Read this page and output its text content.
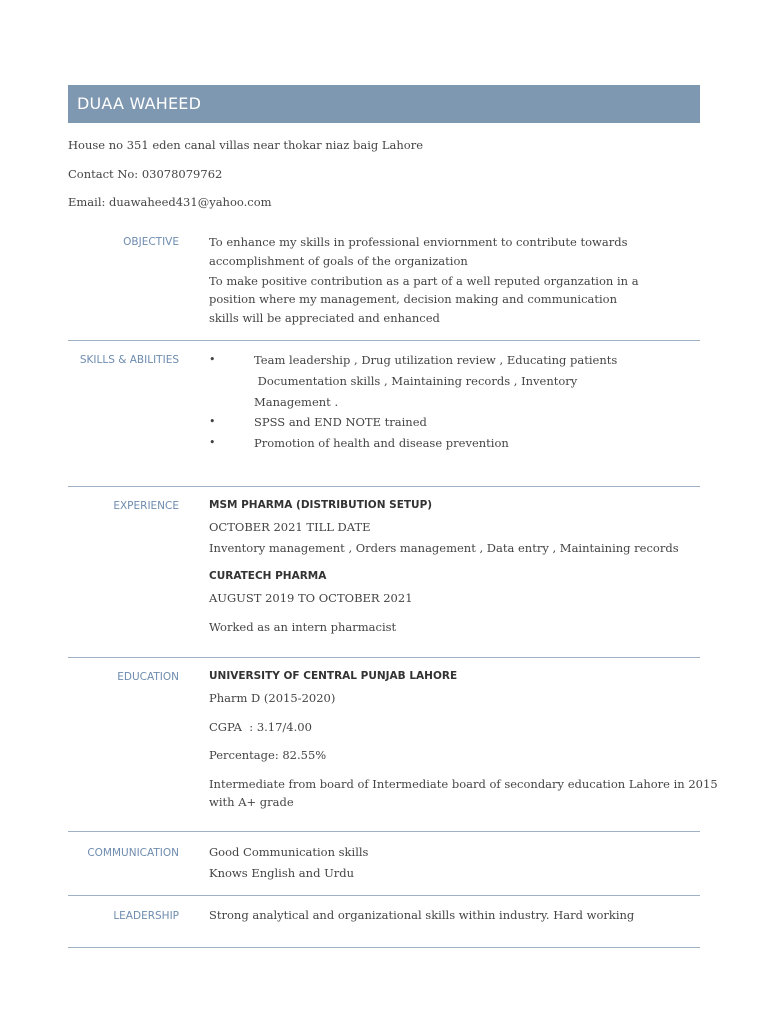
DUAA WAHEED
House no 351 eden canal villas near thokar niaz baig Lahore
Contact No: 03078079762
Email: duawaheed431@yahoo.com
OBJECTIVE	To enhance my skills in professional enviornment to contribute towards
accomplishment of goals of the organization
To make positive contribution as a part of a well reputed organzation in a
position where my management, decision making and communication
skills will be appreciated and enhanced
SKILLS & ABILITIES	•	Team leadership , Drug utilization review , Educating patients
Documentation skills , Maintaining records , Inventory
Management .
•	SPSS and END NOTE trained
•	Promotion of health and disease prevention
EXPERIENCE	MSM PHARMA (DISTRIBUTION SETUP)
OCTOBER 2021 TILL DATE
Inventory management , Orders management , Data entry , Maintaining records
CURATECH PHARMA
AUGUST 2019 TO OCTOBER 2021
Worked as an intern pharmacist
EDUCATION	UNIVERSITY OF CENTRAL PUNJAB LAHORE
Pharm D (2015-2020)
CGPA  : 3.17/4.00
Percentage: 82.55%
Intermediate from board of Intermediate board of secondary education Lahore in 2015
with A+ grade
COMMUNICATION	Good Communication skills
Knows English and Urdu
LEADERSHIP	Strong analytical and organizational skills within industry. Hard working
